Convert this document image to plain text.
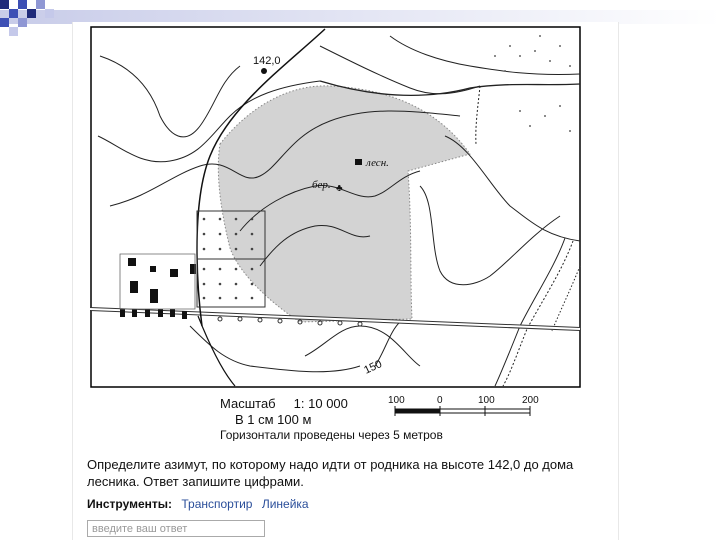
142,0
лесн.
бер. ♣
150
Масштаб     1: 10 000
В 1 см 100 м
Горизонтали проведены через 5 метров
100	0	100	200
Определите азимут, по которому надо идти от родника на высоте 142,0 до дома лесника. Ответ запишите цифрами.
Инструменты: Транспортир Линейка
введите ваш ответ
